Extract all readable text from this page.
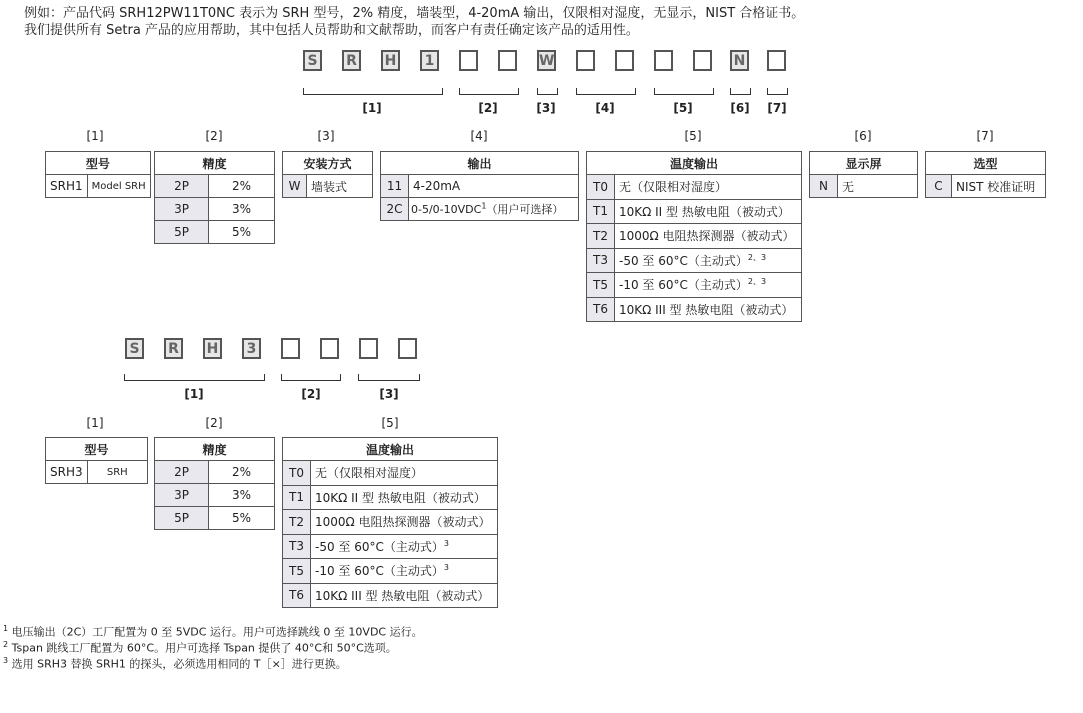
例如：产品代码 SRH12PW11T0NC 表示为 SRH 型号，2% 精度，墙装型，4-20mA 输出，仅限相对湿度，无显示，NIST 合格证书。
我们提供所有 Setra 产品的应用帮助，其中包括人员帮助和文献帮助，而客户有责任确定该产品的适用性。
S	R H	1	W	N
[1]	[2]	[3]	[4]	[5]	[6]	[7]
[1]	[2]	[3]	[4]	[5]	[6]	[7]
型号
SRH1	Model SRH
精度	
2P	2%
3P	3%
5P	5%
安装方式
W	墙装式
输出	
11	4-20mA
2C	0-5/0-10VDC$^1$（用户可选择）
温度输出	
T0	无（仅限相对湿度）
T1	10KΩ II 型 热敏电阻（被动式）
T2	1000Ω 电阻热探测器（被动式）
T3	-50 至 60°C（主动式）$^{2、3}$
T5	-10 至 60°C（主动式）$^{2、3}$
T6	10KΩ III 型 热敏电阻（被动式）
显示屏
N	无
选型
C	NIST 校准证明
S	R H	3
[1]	[2]	[3]
[1]	[2]	[5]
型号
SRH3	SRH
精度	
2P	2%
3P	3%
5P	5%
温度输出	
T0	无（仅限相对湿度）
T1	10KΩ II 型 热敏电阻（被动式）
T2	1000Ω 电阻热探测器（被动式）
T3	-50 至 60°C（主动式）$^3$
T5	-10 至 60°C（主动式）$^3$
T6	10KΩ III 型 热敏电阻（被动式）
$^1$ 电压输出（2C）工厂配置为 0 至 5VDC 运行。用户可选择跳线 0 至 10VDC 运行。
$^2$ Tspan 跳线工厂配置为 60°C。用户可选择 Tspan 提供了 40°C和 50°C选项。
$^3$ 选用 SRH3 替换 SRH1 的探头，必须选用相同的 T［×］进行更换。
